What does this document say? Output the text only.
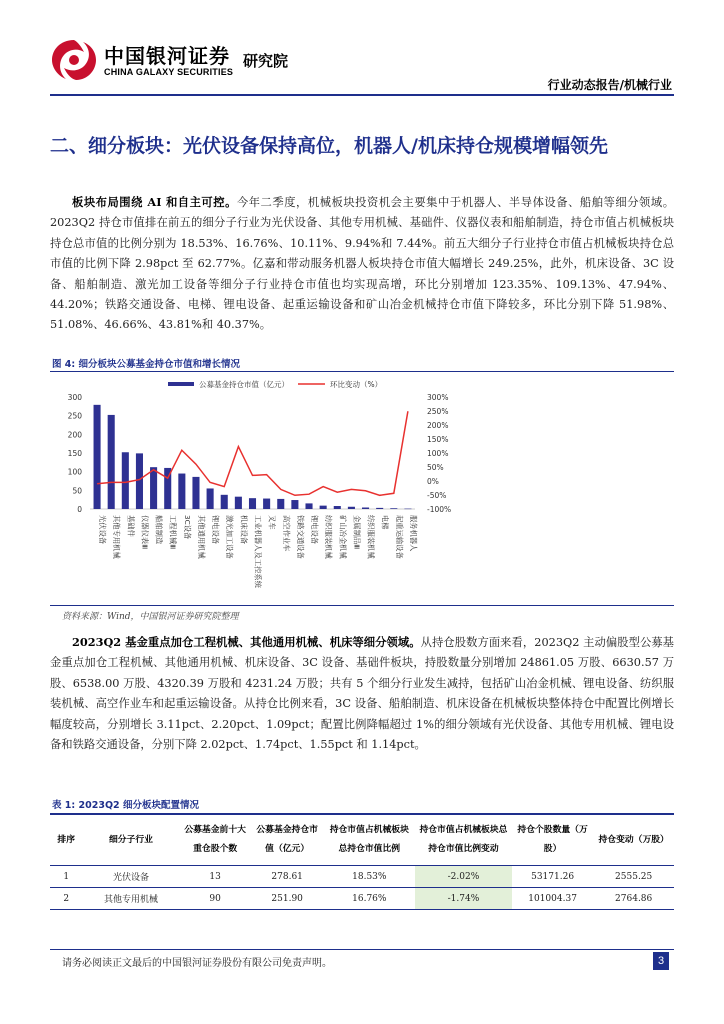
中国银河证券
CHINA GALAXY SECURITIES
研究院
行业动态报告/机械行业
二、细分板块：光伏设备保持高位，机器人/机床持仓规模增幅领先
板块布局围绕 AI 和自主可控。今年二季度，机械板块投资机会主要集中于机器人、半导体设备、船舶等细分领域。2023Q2 持仓市值排在前五的细分子行业为光伏设备、其他专用机械、基础件、仪器仪表和船舶制造，持仓市值占机械板块持仓总市值的比例分别为 18.53%、16.76%、10.11%、9.94%和 7.44%。前五大细分子行业持仓市值占机械板块持仓总市值的比例下降 2.98pct 至 62.77%。亿嘉和带动服务机器人板块持仓市值大幅增长 249.25%，此外，机床设备、3C 设备、船舶制造、激光加工设备等细分子行业持仓市值也均实现高增，环比分别增加 123.35%、109.13%、47.94%、44.20%；铁路交通设备、电梯、锂电设备、起重运输设备和矿山冶金机械持仓市值下降较多，环比分别下降 51.98%、51.08%、46.66%、43.81%和 40.37%。
图 4: 细分板块公募基金持仓市值和增长情况
公募基金持仓市值（亿元）	环比变动（%）
0
50
100
150
200
250
300
-100%
-50%
0%
50%
100%
150%
200%
250%
300%
光伏设备 其他专用机械 基础件 仪器仪表Ⅲ 船舶制造 工程机械Ⅲ 3C设备 其他通用机械 锂电设备 激光加工设备 机床设备 工业机器人及工控系统 叉车 高空作业车 铁路交通设备 锂电设备 纺织服装机械 矿山冶金机械 金属制品Ⅲ 纺织服装机械 电梯 起重运输设备 服务机器人
资料来源：Wind，中国银河证券研究院整理
2023Q2 基金重点加仓工程机械、其他通用机械、机床等细分领域。从持仓股数方面来看，2023Q2 主动偏股型公募基金重点加仓工程机械、其他通用机械、机床设备、3C 设备、基础件板块，持股数量分别增加 24861.05 万股、6630.57 万股、6538.00 万股、4320.39 万股和 4231.24 万股；共有 5 个细分行业发生减持，包括矿山冶金机械、锂电设备、纺织服装机械、高空作业车和起重运输设备。从持仓比例来看，3C 设备、船舶制造、机床设备在机械板块整体持仓中配置比例增长幅度较高，分别增长 3.11pct、2.20pct、1.09pct；配置比例降幅超过 1%的细分领域有光伏设备、其他专用机械、锂电设备和铁路交通设备，分别下降 2.02pct、1.74pct、1.55pct 和 1.14pct。
表 1: 2023Q2 细分板块配置情况
排序	细分子行业	公募基金前十大重仓股个数	公募基金持仓市值（亿元）	持仓市值占机械板块总持仓市值比例	持仓市值占机械板块总持仓市值比例变动	持仓个股数量（万股）	持仓变动（万股）
1	光伏设备	13	278.61	18.53%	-2.02%	53171.26	2555.25
2	其他专用机械	90	251.90	16.76%	-1.74%	101004.37	2764.86
请务必阅读正文最后的中国银河证券股份有限公司免责声明。	3
